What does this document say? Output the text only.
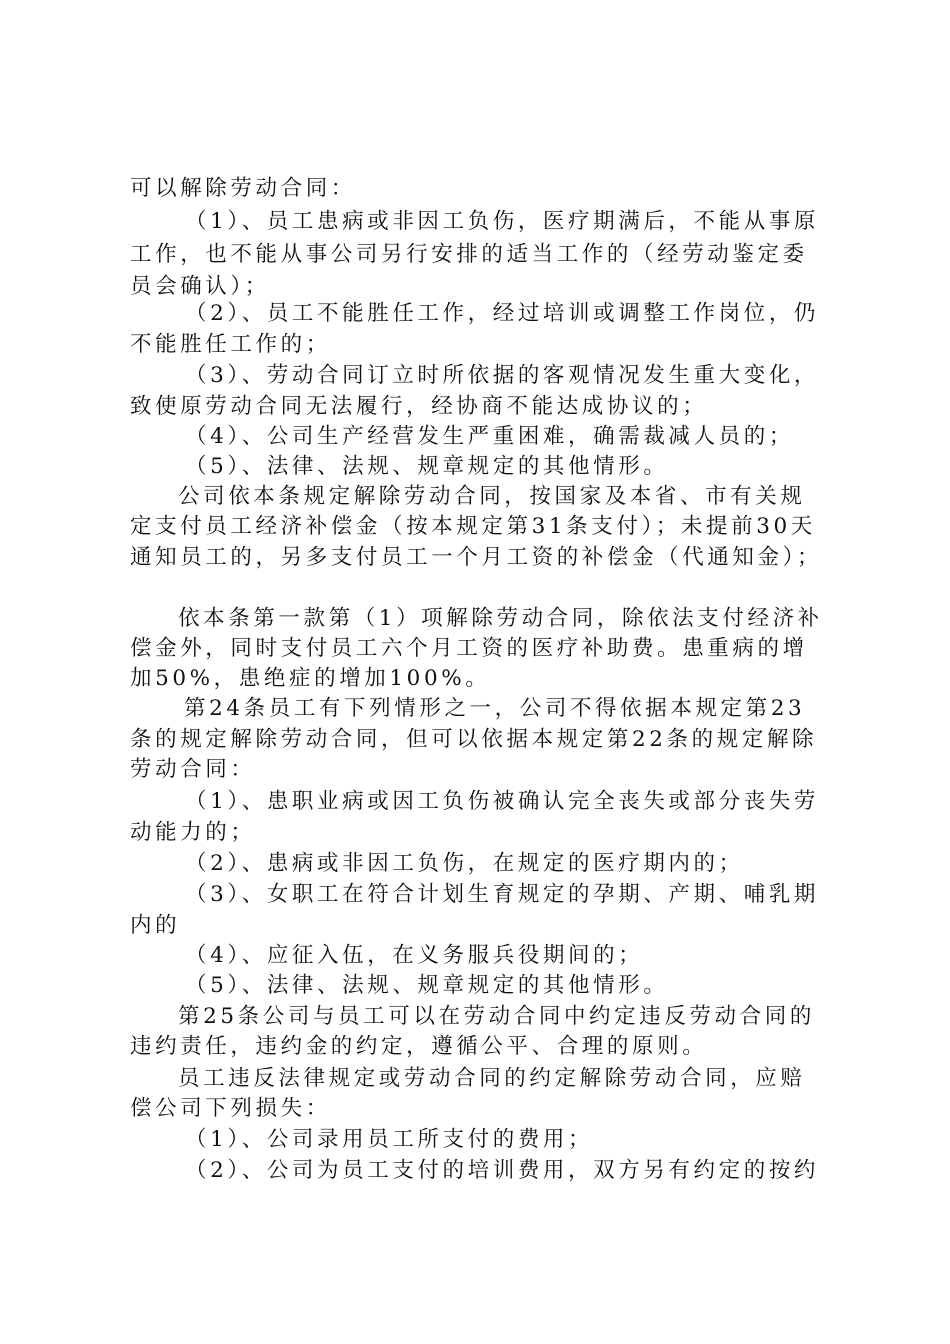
可以解除劳动合同：
（1）、员工患病或非因工负伤，医疗期满后，不能从事原
工作，也不能从事公司另行安排的适当工作的（经劳动鉴定委
员会确认）；
（2）、员工不能胜任工作，经过培训或调整工作岗位，仍
不能胜任工作的；
（3）、劳动合同订立时所依据的客观情况发生重大变化，
致使原劳动合同无法履行，经协商不能达成协议的；
（4）、公司生产经营发生严重困难，确需裁减人员的；
（5）、法律、法规、规章规定的其他情形。
公司依本条规定解除劳动合同，按国家及本省、市有关规
定支付员工经济补偿金（按本规定第31条支付）；未提前30天
通知员工的，另多支付员工一个月工资的补偿金（代通知金）；
依本条第一款第（1）项解除劳动合同，除依法支付经济补
偿金外，同时支付员工六个月工资的医疗补助费。患重病的增
加50%，患绝症的增加100%。
第24条员工有下列情形之一，公司不得依据本规定第23
条的规定解除劳动合同，但可以依据本规定第22条的规定解除
劳动合同：
（1）、患职业病或因工负伤被确认完全丧失或部分丧失劳
动能力的；
（2）、患病或非因工负伤，在规定的医疗期内的；
（3）、女职工在符合计划生育规定的孕期、产期、哺乳期
内的
（4）、应征入伍，在义务服兵役期间的；
（5）、法律、法规、规章规定的其他情形。
第25条公司与员工可以在劳动合同中约定违反劳动合同的
违约责任，违约金的约定，遵循公平、合理的原则。
员工违反法律规定或劳动合同的约定解除劳动合同，应赔
偿公司下列损失：
（1）、公司录用员工所支付的费用；
（2）、公司为员工支付的培训费用，双方另有约定的按约
